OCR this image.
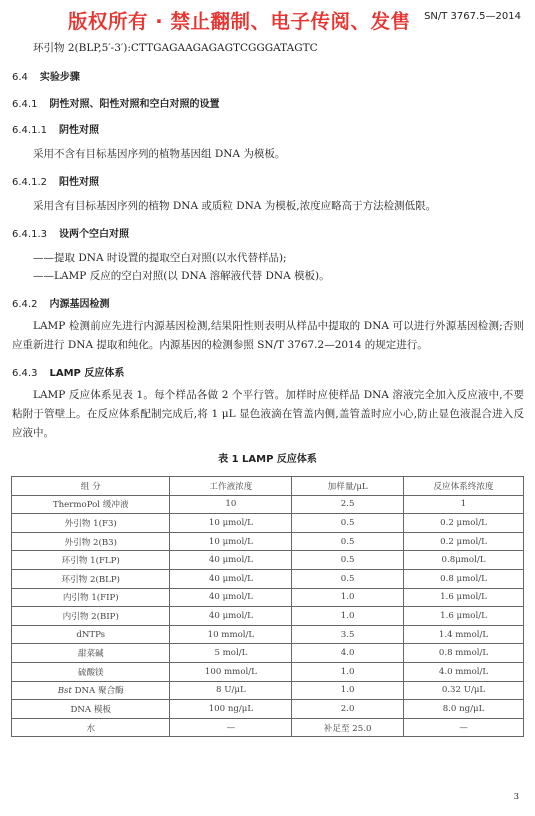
版权所有 · 禁止翻制、电子传阅、发售 SN/T 3767.5—2014
环引物 2(BLP,5′-3′):CTTGAGAAGAGAGTCGGGATAGTC
6.4 实验步骤
6.4.1 阴性对照、阳性对照和空白对照的设置
6.4.1.1 阴性对照
采用不含有目标基因序列的植物基因组 DNA 为模板。
6.4.1.2 阳性对照
采用含有目标基因序列的植物 DNA 或质粒 DNA 为模板,浓度应略高于方法检测低限。
6.4.1.3 设两个空白对照
——提取 DNA 时设置的提取空白对照(以水代替样品);
——LAMP 反应的空白对照(以 DNA 溶解液代替 DNA 模板)。
6.4.2 内源基因检测
LAMP 检测前应先进行内源基因检测,结果阳性则表明从样品中提取的 DNA 可以进行外源基因检测;否则应重新进行 DNA 提取和纯化。内源基因的检测参照 SN/T 3767.2—2014 的规定进行。
6.4.3 LAMP 反应体系
LAMP 反应体系见表 1。每个样品各做 2 个平行管。加样时应使样品 DNA 溶液完全加入反应液中,不要粘附于管壁上。在反应体系配制完成后,将 1 μL 显色液滴在管盖内侧,盖管盖时应小心,防止显色液混合进入反应液中。
表 1 LAMP 反应体系
组 分	工作液浓度	加样量/μL	反应体系终浓度
ThermoPol 缓冲液	10	2.5	1
外引物 1(F3)	10 μmol/L	0.5	0.2 μmol/L
外引物 2(B3)	10 μmol/L	0.5	0.2 μmol/L
环引物 1(FLP)	40 μmol/L	0.5	0.8μmol/L
环引物 2(BLP)	40 μmol/L	0.5	0.8 μmol/L
内引物 1(FIP)	40 μmol/L	1.0	1.6 μmol/L
内引物 2(BIP)	40 μmol/L	1.0	1.6 μmol/L
dNTPs	10 mmol/L	3.5	1.4 mmol/L
甜菜碱	5 mol/L	4.0	0.8 mmol/L
硫酸镁	100 mmol/L	1.0	4.0 mmol/L
Bst DNA 聚合酶	8 U/μL	1.0	0.32 U/μL
DNA 模板	100 ng/μL	2.0	8.0 ng/μL
水	—	补足至 25.0	—
3
